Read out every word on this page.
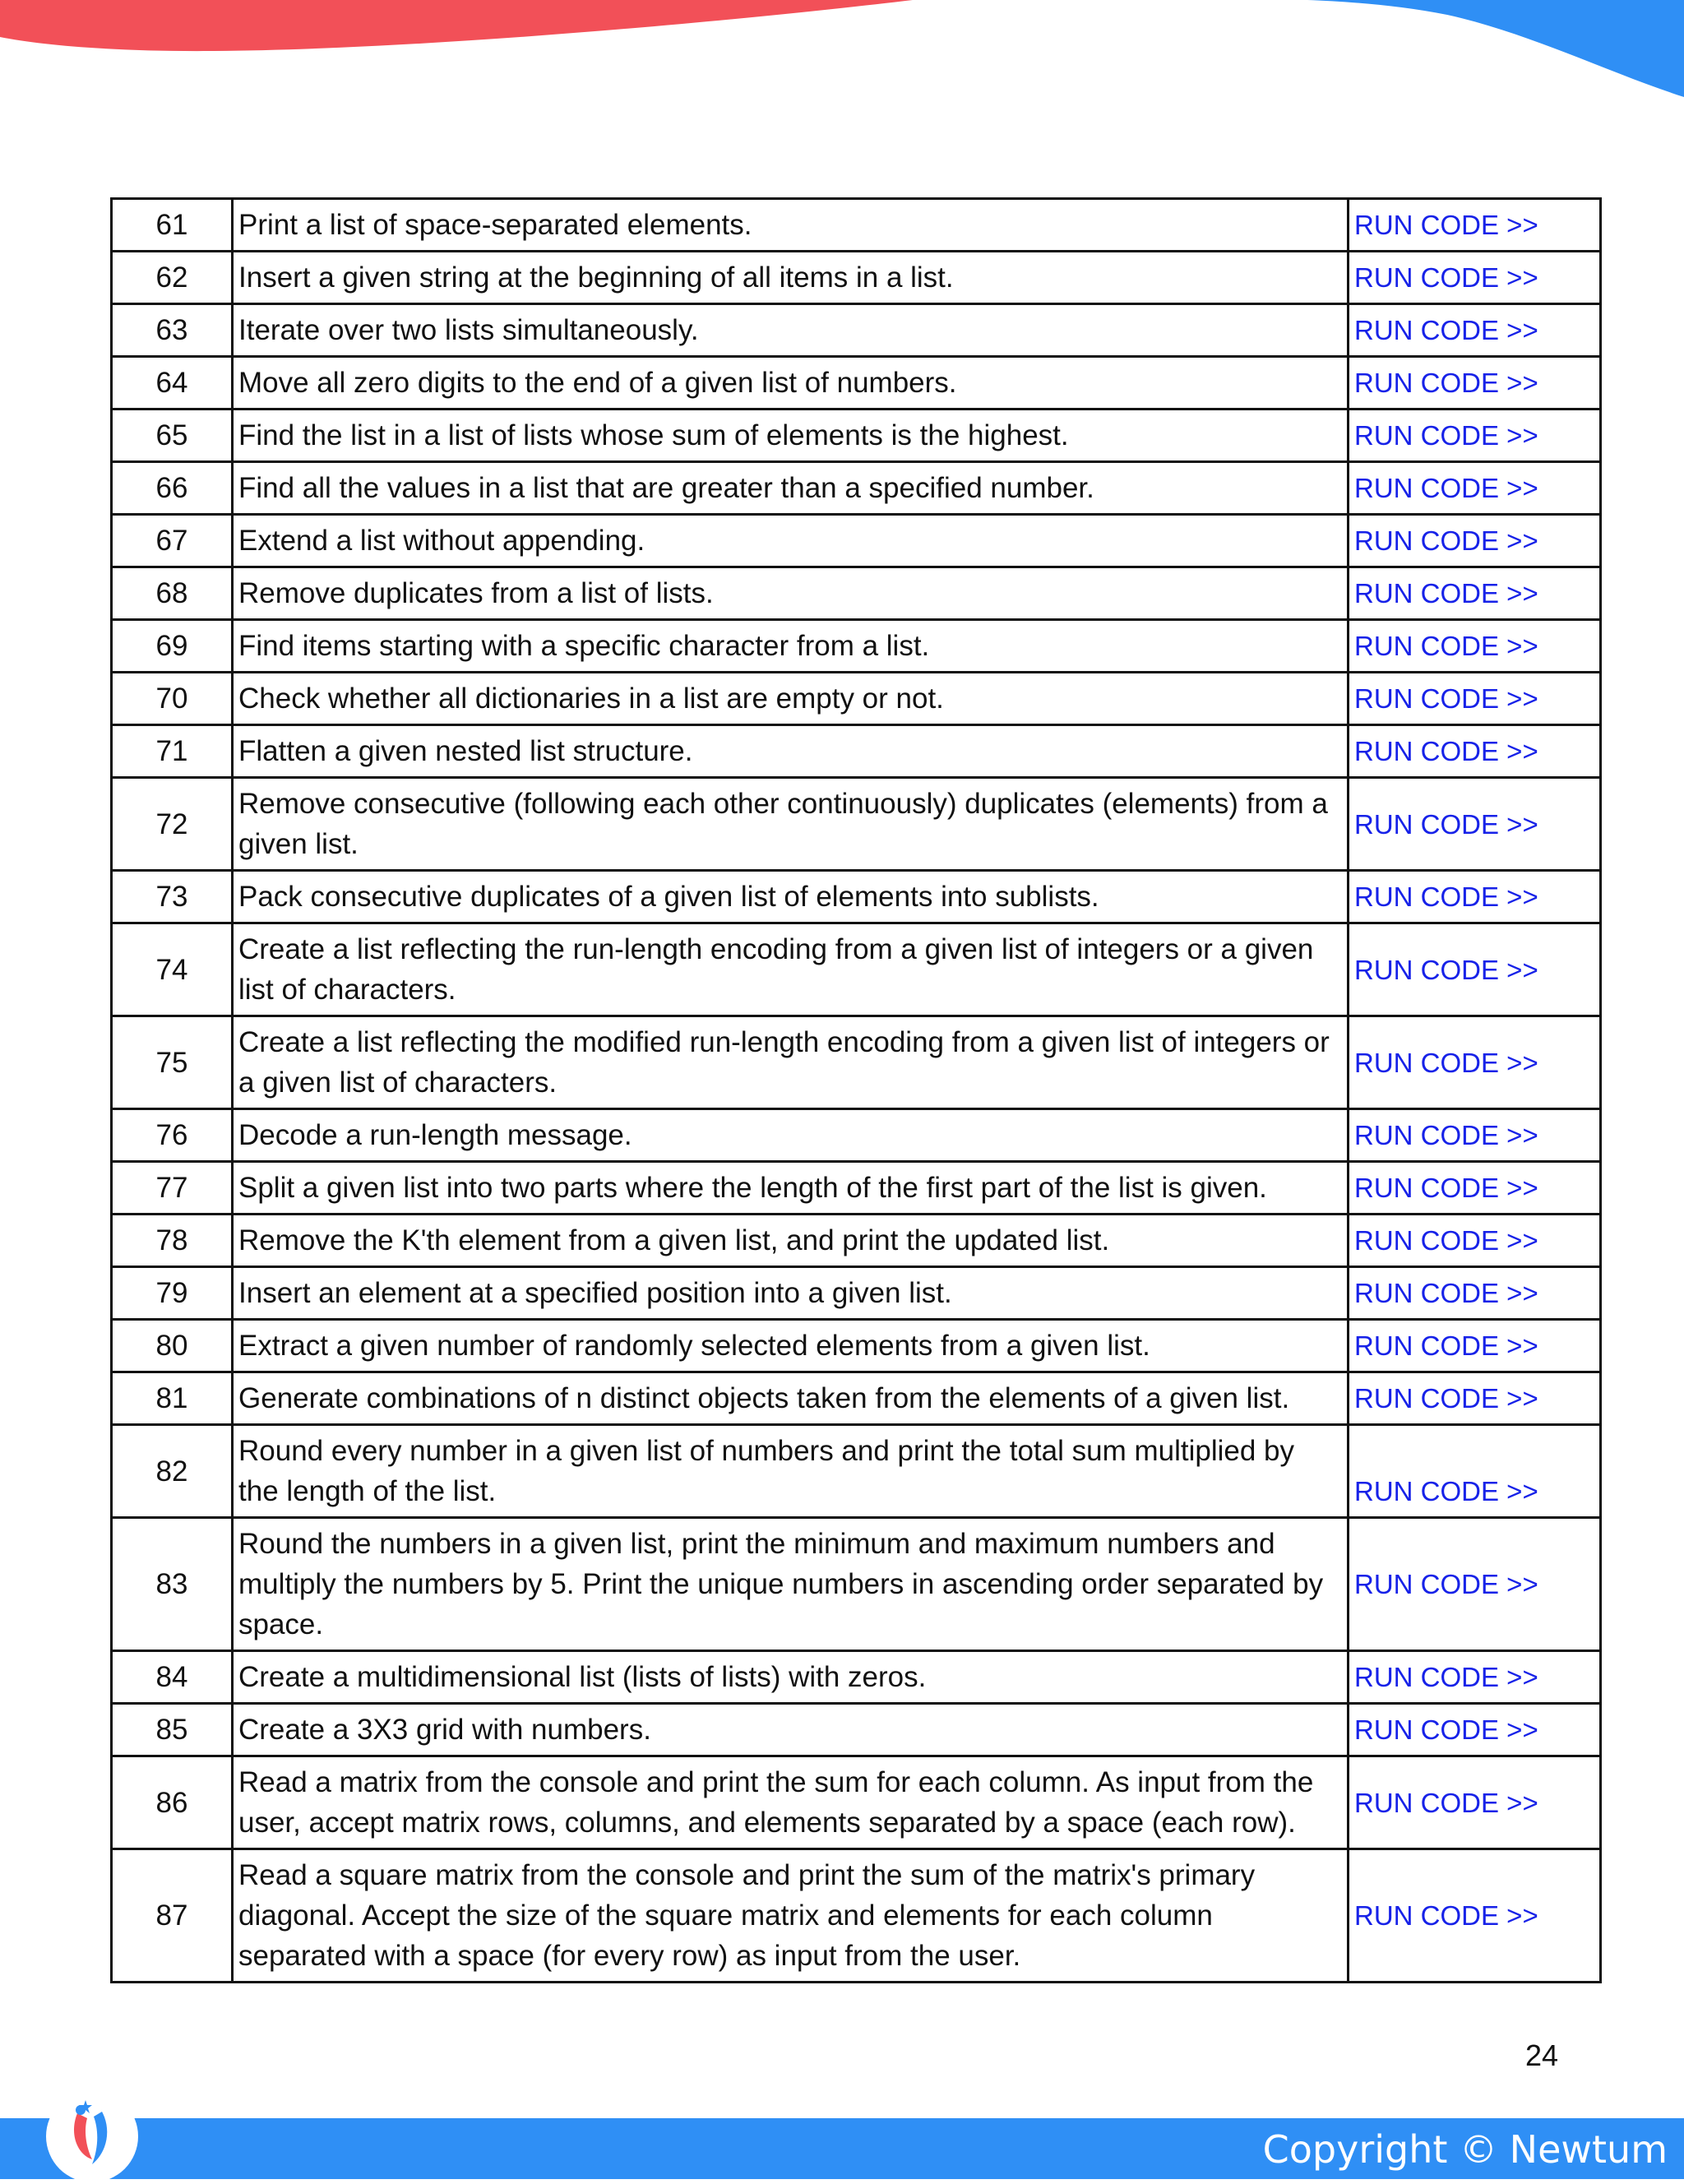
61	Print a list of space-separated elements.	RUN CODE >>
62	Insert a given string at the beginning of all items in a list.	RUN CODE >>
63	Iterate over two lists simultaneously.	RUN CODE >>
64	Move all zero digits to the end of a given list of numbers.	RUN CODE >>
65	Find the list in a list of lists whose sum of elements is the highest.	RUN CODE >>
66	Find all the values in a list that are greater than a specified number.	RUN CODE >>
67	Extend a list without appending.	RUN CODE >>
68	Remove duplicates from a list of lists.	RUN CODE >>
69	Find items starting with a specific character from a list.	RUN CODE >>
70	Check whether all dictionaries in a list are empty or not.	RUN CODE >>
71	Flatten a given nested list structure.	RUN CODE >>
72	Remove consecutive (following each other continuously) duplicates (elements) from a given list.	RUN CODE >>
73	Pack consecutive duplicates of a given list of elements into sublists.	RUN CODE >>
74	Create a list reflecting the run-length encoding from a given list of integers or a given list of characters.	RUN CODE >>
75	Create a list reflecting the modified run-length encoding from a given list of integers or a given list of characters.	RUN CODE >>
76	Decode a run-length message.	RUN CODE >>
77	Split a given list into two parts where the length of the first part of the list is given.	RUN CODE >>
78	Remove the K'th element from a given list, and print the updated list.	RUN CODE >>
79	Insert an element at a specified position into a given list.	RUN CODE >>
80	Extract a given number of randomly selected elements from a given list.	RUN CODE >>
81	Generate combinations of n distinct objects taken from the elements of a given list.	RUN CODE >>
82	Round every number in a given list of numbers and print the total sum multiplied by the length of the list.	RUN CODE >>
83	Round the numbers in a given list, print the minimum and maximum numbers and multiply the numbers by 5. Print the unique numbers in ascending order separated by space.	RUN CODE >>
84	Create a multidimensional list (lists of lists) with zeros.	RUN CODE >>
85	Create a 3X3 grid with numbers.	RUN CODE >>
86	Read a matrix from the console and print the sum for each column. As input from the user, accept matrix rows, columns, and elements separated by a space (each row).	RUN CODE >>
87	Read a square matrix from the console and print the sum of the matrix's primary diagonal. Accept the size of the square matrix and elements for each column separated with a space (for every row) as input from the user.	RUN CODE >>
24
Copyright © Newtum
